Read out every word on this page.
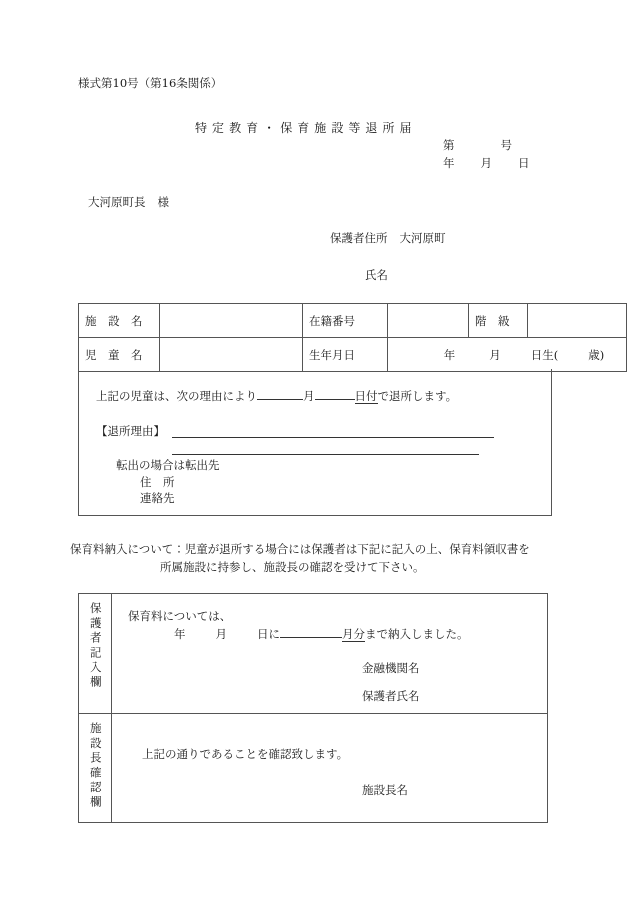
様式第10号（第16条関係）
特定教育・保育施設等退所届
第	号
年 月 日
大河原町長 様
保護者住所 大河原町
氏名
施　設　名		在籍番号		階　級	
児　童　名		生年月日	年 月 日生( 歳)		
上記の児童は、次の理由により	月	日付で退所します。
【退所理由】
転出の場合は転出先
住　所
連絡先
保育料納入について：児童が退所する場合には保護者は下記に記入の上、保育料領収書を
所属施設に持参し、施設長の確認を受けて下さい。
保護者記入欄	保育料については、
年 月 日に 月分まで納入しました。
金融機関名
保護者氏名

施設長確認欄	上記の通りであることを確認致します。
施設長名
